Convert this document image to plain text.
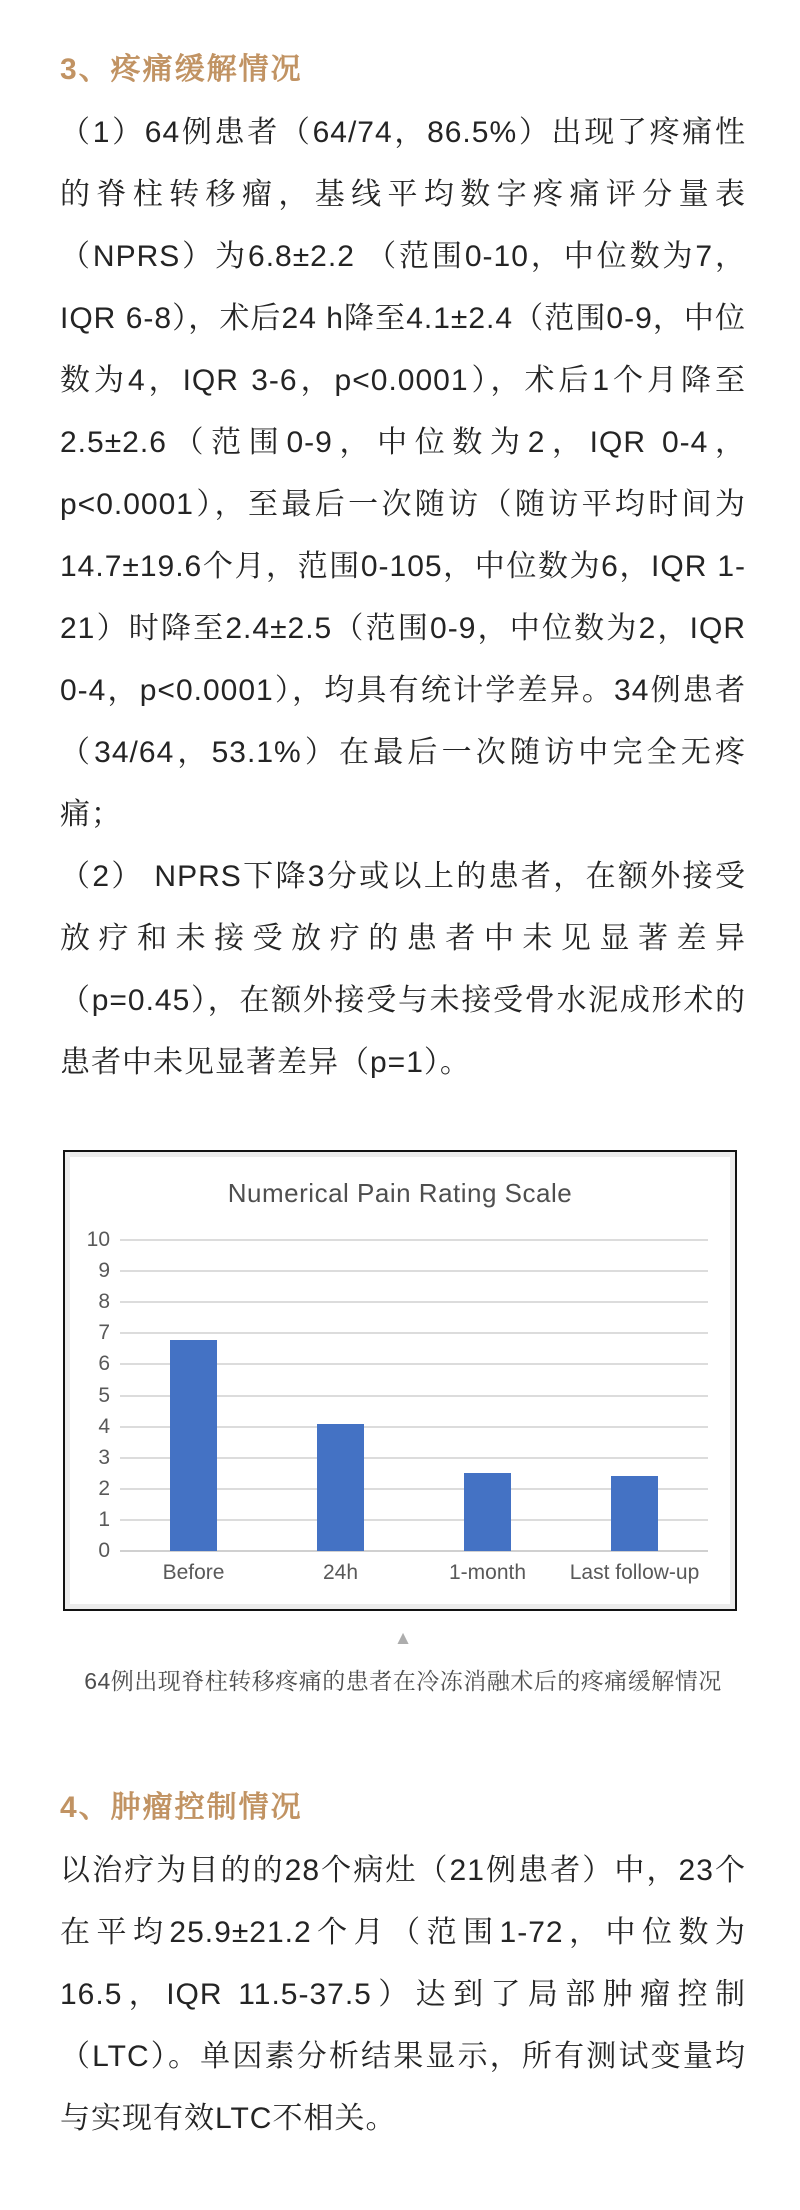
3、疼痛缓解情况

（1）64例患者（64/74，86.5%）出现了疼痛性的脊柱转移瘤，基线平均数字疼痛评分量表（NPRS）为6.8±2.2 （范围0-10，中位数为7，IQR 6-8），术后24 h降至4.1±2.4（范围0-9，中位数为4，IQR 3-6，p<0.0001），术后1个月降至2.5±2.6（范围0-9，中位数为2，IQR 0-4，p<0.0001），至最后一次随访（随访平均时间为14.7±19.6个月，范围0-105，中位数为6，IQR 1-21）时降至2.4±2.5（范围0-9，中位数为2，IQR 0-4，p<0.0001），均具有统计学差异。34例患者（34/64，53.1%）在最后一次随访中完全无疼痛；

（2） NPRS下降3分或以上的患者，在额外接受放疗和未接受放疗的患者中未见显著差异（p=0.45），在额外接受与未接受骨水泥成形术的患者中未见显著差异（p=1）。

Numerical Pain Rating Scale
0
1
2
3
4
5
6
7
8
9
10
Before	24h	1-month Last follow-up
▲
64例出现脊柱转移疼痛的患者在冷冻消融术后的疼痛缓解情况
4、肿瘤控制情况

以治疗为目的的28个病灶（21例患者）中，23个在平均25.9±21.2个月（范围1-72，中位数为16.5，IQR 11.5-37.5）达到了局部肿瘤控制（LTC）。单因素分析结果显示，所有测试变量均与实现有效LTC不相关。
